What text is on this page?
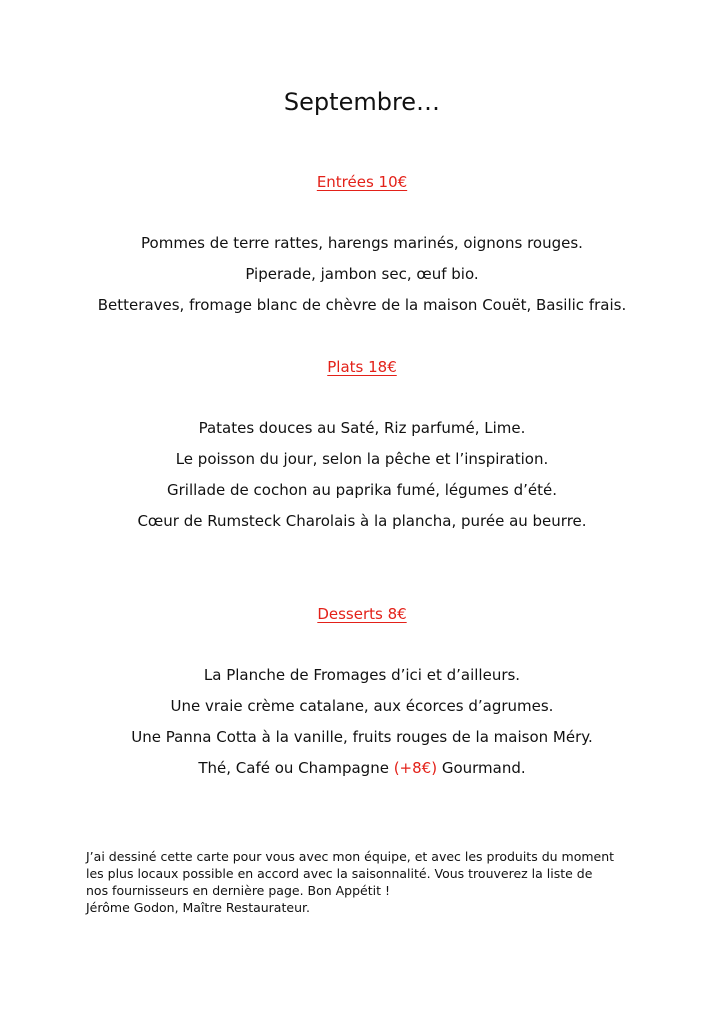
Septembre…

Entrées 10€

Pommes de terre rattes, harengs marinés, oignons rouges.

Piperade, jambon sec, œuf bio.

Betteraves, fromage blanc de chèvre de la maison Couët, Basilic frais.

Plats 18€

Patates douces au Saté, Riz parfumé, Lime.

Le poisson du jour, selon la pêche et l’inspiration.

Grillade de cochon au paprika fumé, légumes d’été.

Cœur de Rumsteck Charolais à la plancha, purée au beurre.

Desserts 8€

La Planche de Fromages d’ici et d’ailleurs.

Une vraie crème catalane, aux écorces d’agrumes.

Une Panna Cotta à la vanille, fruits rouges de la maison Méry.

Thé, Café ou Champagne (+8€) Gourmand.

J’ai dessiné cette carte pour vous avec mon équipe, et avec les produits du moment

les plus locaux possible en accord avec la saisonnalité. Vous trouverez la liste de

nos fournisseurs en dernière page. Bon Appétit !

Jérôme Godon, Maître Restaurateur.
